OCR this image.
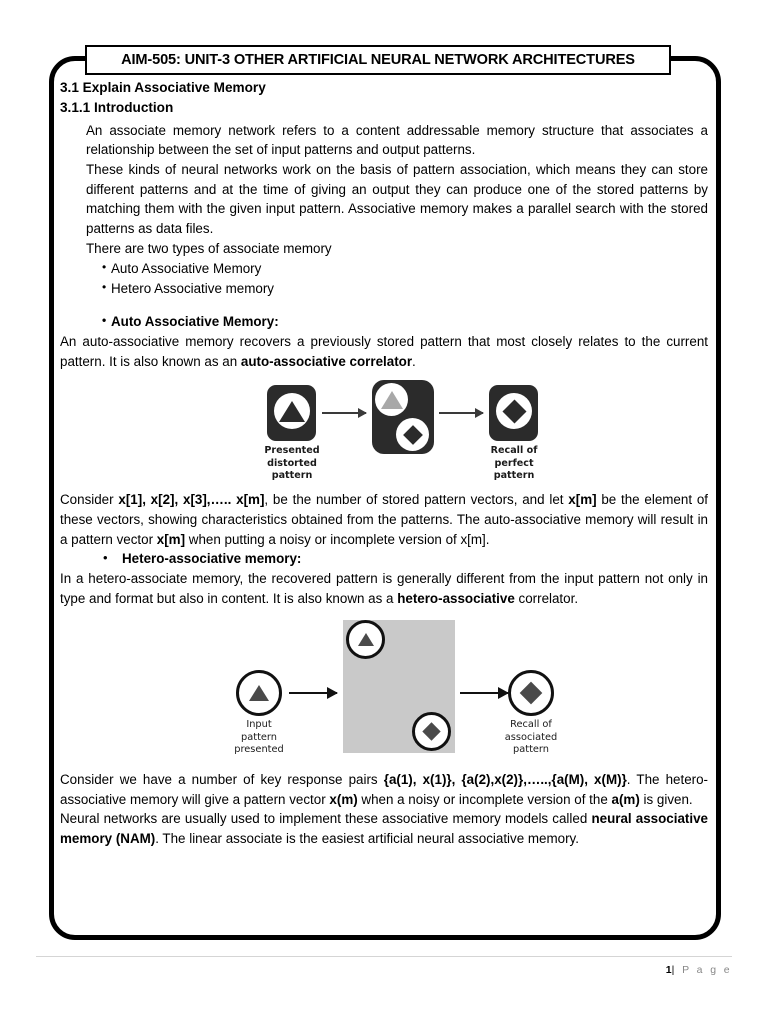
AIM-505: UNIT-3 OTHER ARTIFICIAL NEURAL NETWORK ARCHITECTURES
3.1 Explain Associative Memory
3.1.1 Introduction

An associate memory network refers to a content addressable memory structure that associates a relationship between the set of input patterns and output patterns.

These kinds of neural networks work on the basis of pattern association, which means they can store different patterns and at the time of giving an output they can produce one of the stored patterns by matching them with the given input pattern. Associative memory makes a parallel search with the stored patterns as data files.

There are two types of associate memory

• Auto Associative Memory
• Hetero Associative memory
• Auto Associative Memory:

An auto-associative memory recovers a previously stored pattern that most closely relates to the current pattern. It is also known as an auto-associative correlator.

Presented
distorted
pattern
Recall of
perfect
pattern

Consider x[1], x[2], x[3],….. x[m], be the number of stored pattern vectors, and let x[m] be the element of these vectors, showing characteristics obtained from the patterns. The auto-associative memory will result in a pattern vector x[m] when putting a noisy or incomplete version of x[m].

• Hetero-associative memory:

In a hetero-associate memory, the recovered pattern is generally different from the input pattern not only in type and format but also in content. It is also known as a hetero-associative correlator.

Input
pattern
presented
Recall of
associated
pattern

Consider we have a number of key response pairs {a(1), x(1)}, {a(2),x(2)},…..,{a(M), x(M)}. The hetero-associative memory will give a pattern vector x(m) when a noisy or incomplete version of the a(m) is given.

Neural networks are usually used to implement these associative memory models called neural associative memory (NAM). The linear associate is the easiest artificial neural associative memory.

1| P a g e
